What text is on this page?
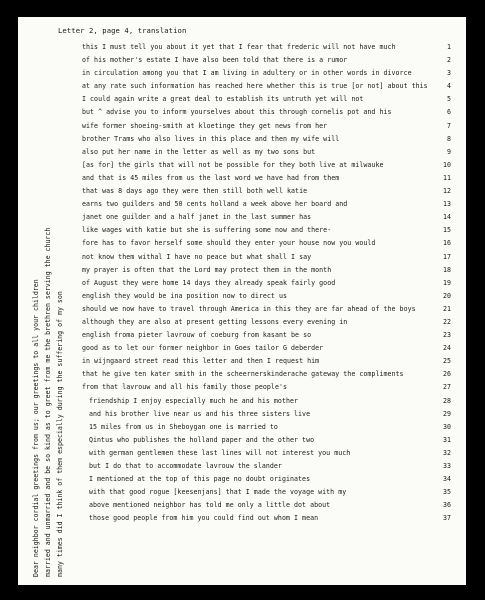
Letter 2, page 4, translation
Dear neighbor cordial greetings from us; our greetings to all your children married and unmarried and be so kind as to greet from me the brethren serving the church many times did I think of them especially during the suffering of my son
this I must tell you about it yet that I fear that frederic will not have much	1
of his mother's estate I have also been told that there is a rumor	2
in circulation among you that I am living in adultery or in other words in divorce	3
at any rate such information has reached here whether this is true [or not] about this	4
I could again write a great deal to establish its untruth yet will not	5
but ^ advise you to inform yourselves about this through cornelis pot and his	6
wife former shoeing-smith at kloetinge they get news from her	7
brother Trams who also lives in this place and then my wife will	8
also put her name in the letter as well as my two sons but	9
[as for] the girls that will not be possible for they both live at milwauke	10
and that is 45 miles from us the last word we have had from them	11
that was 8 days ago they were then still both well katie	12
earns two guilders and 50 cents holland a week above her board and	13
janet one guilder and a half janet in the last summer has	14
like wages with katie but she is suffering some now and there-	15
fore has to favor herself some should they enter your house now you would	16
not know them withal I have no peace but what shall I say	17
my prayer is often that the Lord may protect them in the month	18
of August they were home 14 days they already speak fairly good	19
english they would be ina position now to direct us	20
should we now have to travel through America in this they are far ahead of the boys	21
although they are also at present getting lessons every evening in	22
english froma pieter lavrouw of coeburg from kasant be so	23
good as to let our former neighbor in Goes tailor G deberder	24
in wijngaard street read this letter and then I request him	25
that he give ten kater smith in the scheernerskinderache gateway the compliments	26
from that lavrouw and all his family those people's	27
friendship I enjoy especially much he and his mother	28
and his brother live near us and his three sisters live	29
15 miles from us in Sheboygan one is married to	30
Qintus who publishes the holland paper and the other two	31
with german gentlemen these last lines will not interest you much	32
but I do that to accommodate lavrouw the slander	33
I mentioned at the top of this page no doubt originates	34
with that good rogue [keesenjans] that I made the voyage with my	35
above mentioned neighbor has told me only a little dot about	36
those good people from him you could find out whom I mean	37
